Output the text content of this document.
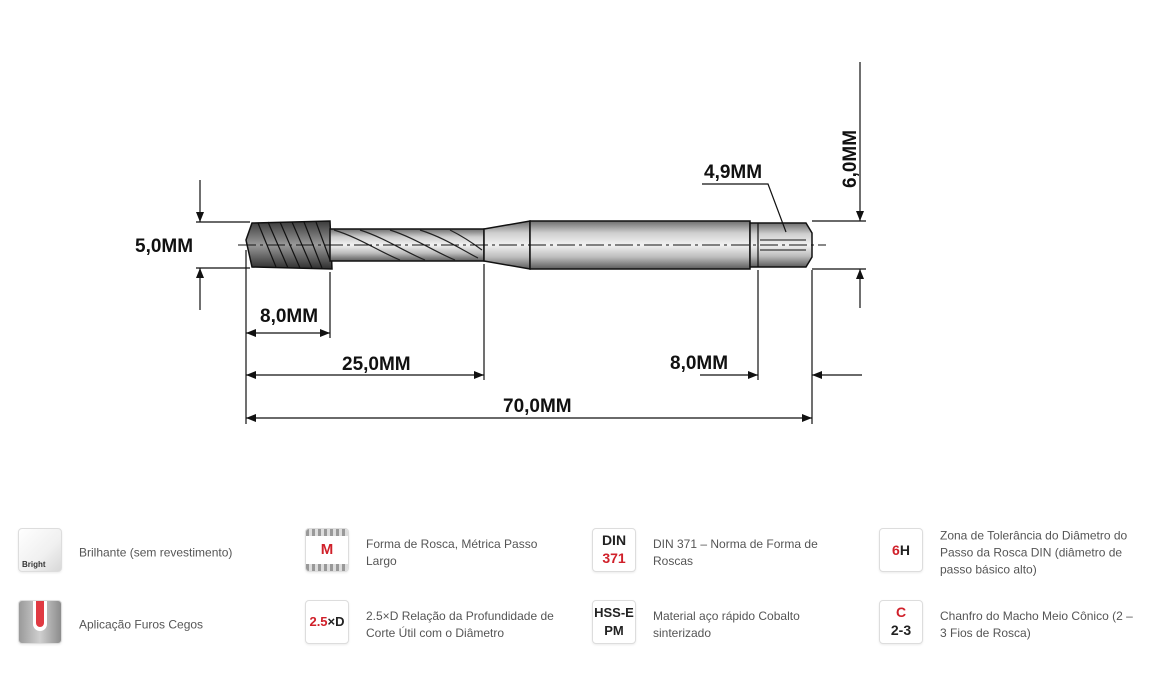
5,0MM
8,0MM
25,0MM
70,0MM
8,0MM
4,9MM	6,0MM
Bright
Brilhante (sem revestimento)	M	Forma de Rosca, Métrica Passo Largo
DIN
371
DIN 371 – Norma de Forma de Roscas
6H
Zona de Tolerância do Diâmetro do Passo da Rosca DIN (diâmetro de passo básico alto)
Aplicação Furos Cegos	2.5×D 2.5×D Relação da Profundidade de Corte Útil com o Diâmetro
HSS-E
PM
Material aço rápido Cobalto sinterizado
C
2-3
Chanfro do Macho Meio Cônico (2 – 3 Fios de Rosca)
